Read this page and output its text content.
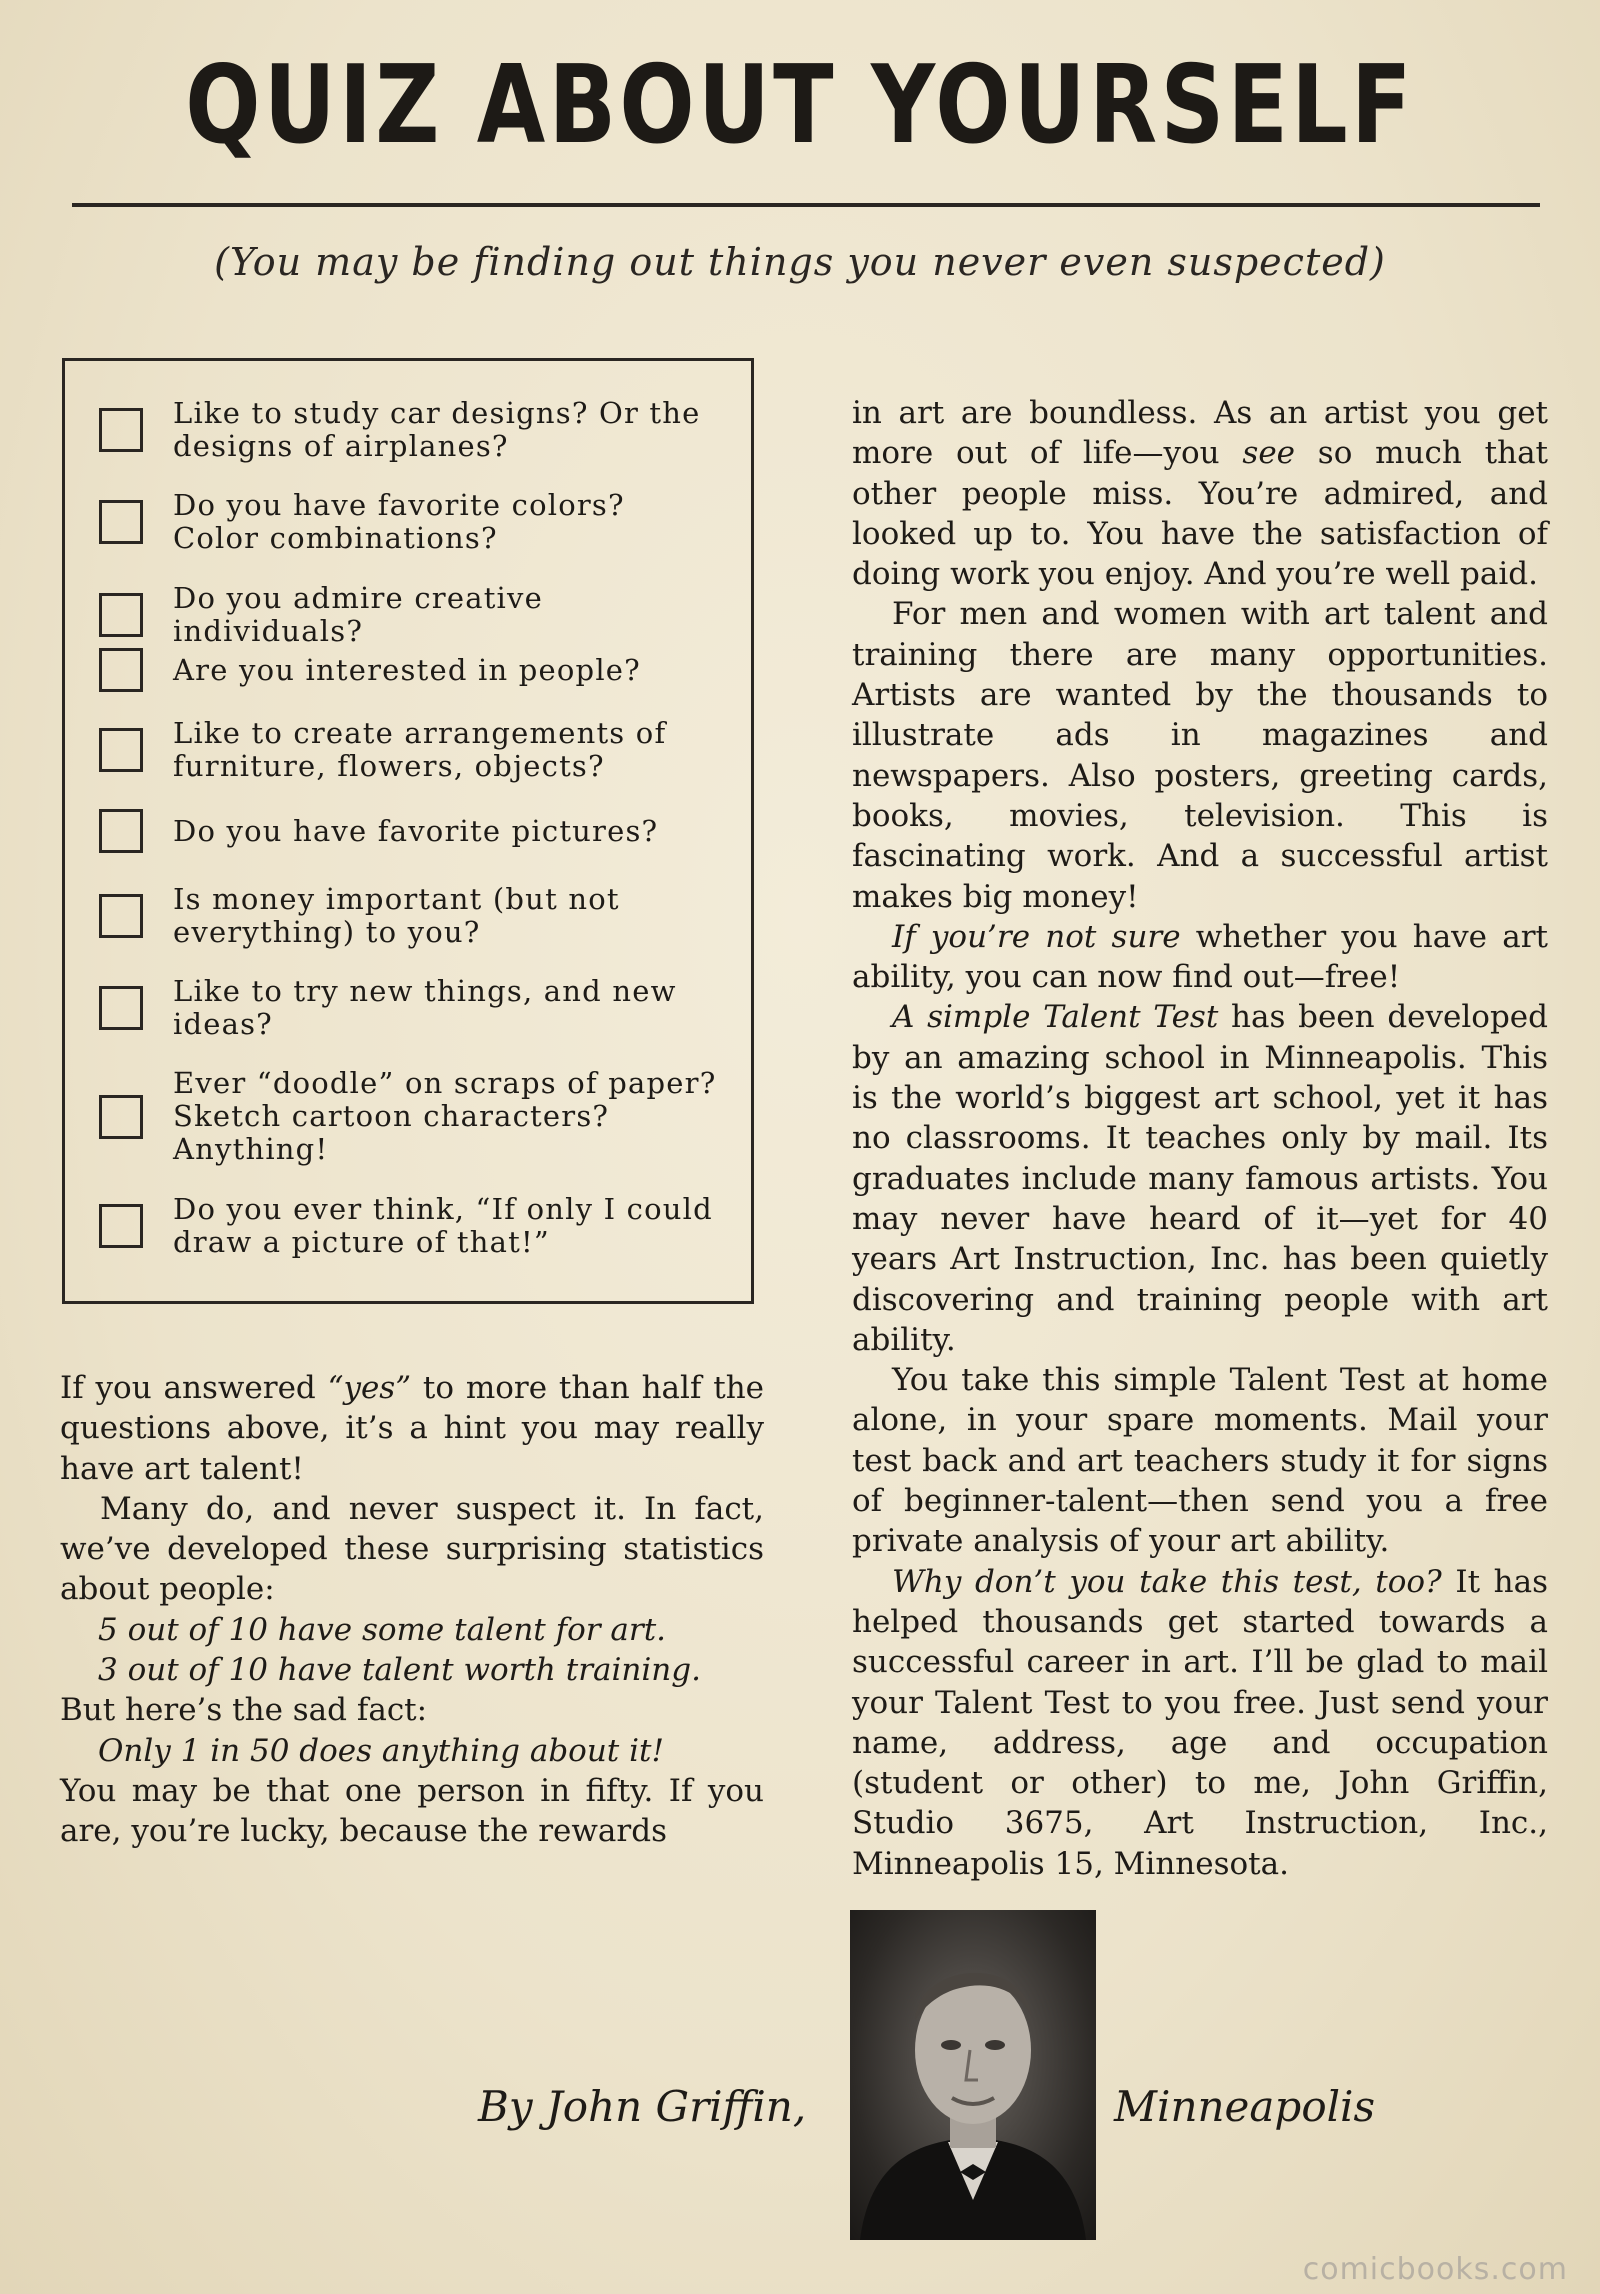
QUIZ ABOUT YOURSELF
(You may be finding out things you never even suspected)
Like to study car designs? Or the designs of airplanes?
Do you have favorite colors? Color combinations?
Do you admire creative individuals?
Are you interested in people?
Like to create arrangements of furniture, flowers, objects?
Do you have favorite pictures?
Is money important (but not everything) to you?
Like to try new things, and new ideas?
Ever “doodle” on scraps of paper? Sketch cartoon characters? Anything!
Do you ever think, “If only I could draw a picture of that!”

If you answered “yes” to more than half the questions above, it’s a hint you may really have art talent!

Many do, and never suspect it. In fact, we’ve developed these surprising statistics about people:

5 out of 10 have some talent for art.

3 out of 10 have talent worth training.

But here’s the sad fact:

Only 1 in 50 does anything about it!

You may be that one person in fifty. If you are, you’re lucky, because the rewards

in art are boundless. As an artist you get more out of life—you see so much that other people miss. You’re admired, and looked up to. You have the satisfaction of doing work you enjoy. And you’re well paid.

For men and women with art talent and training there are many opportunities. Artists are wanted by the thousands to illustrate ads in magazines and newspapers. Also posters, greeting cards, books, movies, television. This is fascinating work. And a successful artist makes big money!

If you’re not sure whether you have art ability, you can now find out—free!

A simple Talent Test has been developed by an amazing school in Minneapolis. This is the world’s biggest art school, yet it has no classrooms. It teaches only by mail. Its graduates include many famous artists. You may never have heard of it—yet for 40 years Art Instruction, Inc. has been quietly discovering and training people with art ability.

You take this simple Talent Test at home alone, in your spare moments. Mail your test back and art teachers study it for signs of beginner-talent—then send you a free private analysis of your art ability.

Why don’t you take this test, too? It has helped thousands get started towards a successful career in art. I’ll be glad to mail your Talent Test to you free. Just send your name, address, age and occupation (student or other) to me, John Griffin, Studio 3675, Art Instruction, Inc., Minneapolis 15, Minnesota.

By John Griffin,	Minneapolis
comicbooks.com
